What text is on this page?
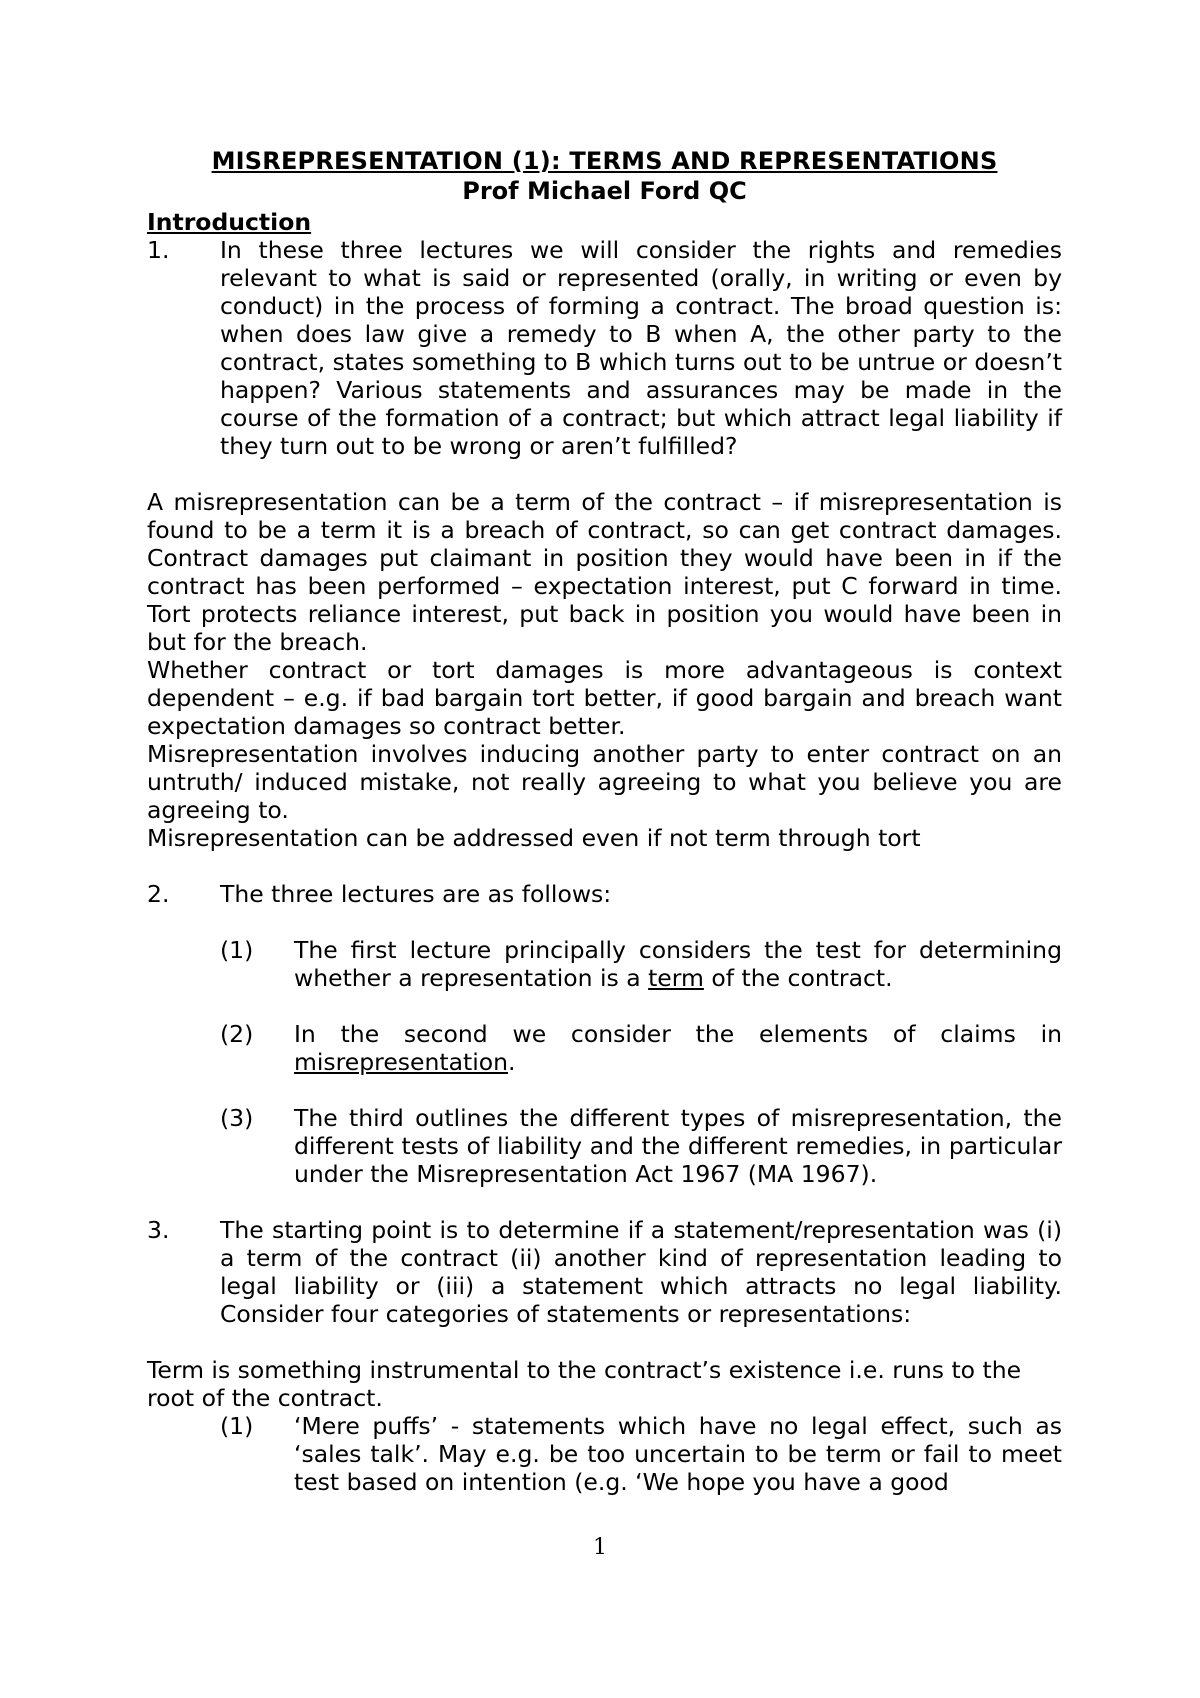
MISREPRESENTATION (1): TERMS AND REPRESENTATIONS
Prof Michael Ford QC
Introduction
1. In these three lectures we will consider the rights and remedies relevant to what is said or represented (orally, in writing or even by conduct) in the process of forming a contract. The broad question is: when does law give a remedy to B when A, the other party to the contract, states something to B which turns out to be untrue or doesn’t happen? Various statements and assurances may be made in the course of the formation of a contract; but which attract legal liability if they turn out to be wrong or aren’t fulfilled?
A misrepresentation can be a term of the contract – if misrepresentation is found to be a term it is a breach of contract, so can get contract damages. Contract damages put claimant in position they would have been in if the contract has been performed – expectation interest, put C forward in time. Tort protects reliance interest, put back in position you would have been in but for the breach.
Whether contract or tort damages is more advantageous is context dependent – e.g. if bad bargain tort better, if good bargain and breach want expectation damages so contract better.
Misrepresentation involves inducing another party to enter contract on an untruth/ induced mistake, not really agreeing to what you believe you are agreeing to.
Misrepresentation can be addressed even if not term through tort
2. The three lectures are as follows:
(1) The first lecture principally considers the test for determining whether a representation is a term of the contract.
(2) In the second we consider the elements of claims in misrepresentation.
(3) The third outlines the different types of misrepresentation, the different tests of liability and the different remedies, in particular under the Misrepresentation Act 1967 (MA 1967).
3. The starting point is to determine if a statement/representation was (i) a term of the contract (ii) another kind of representation leading to legal liability or (iii) a statement which attracts no legal liability. Consider four categories of statements or representations:
Term is something instrumental to the contract’s existence i.e. runs to the root of the contract.
(1) ‘Mere puffs’ - statements which have no legal effect, such as ‘sales talk’. May e.g. be too uncertain to be term or fail to meet test based on intention (e.g. ‘We hope you have a good
1
